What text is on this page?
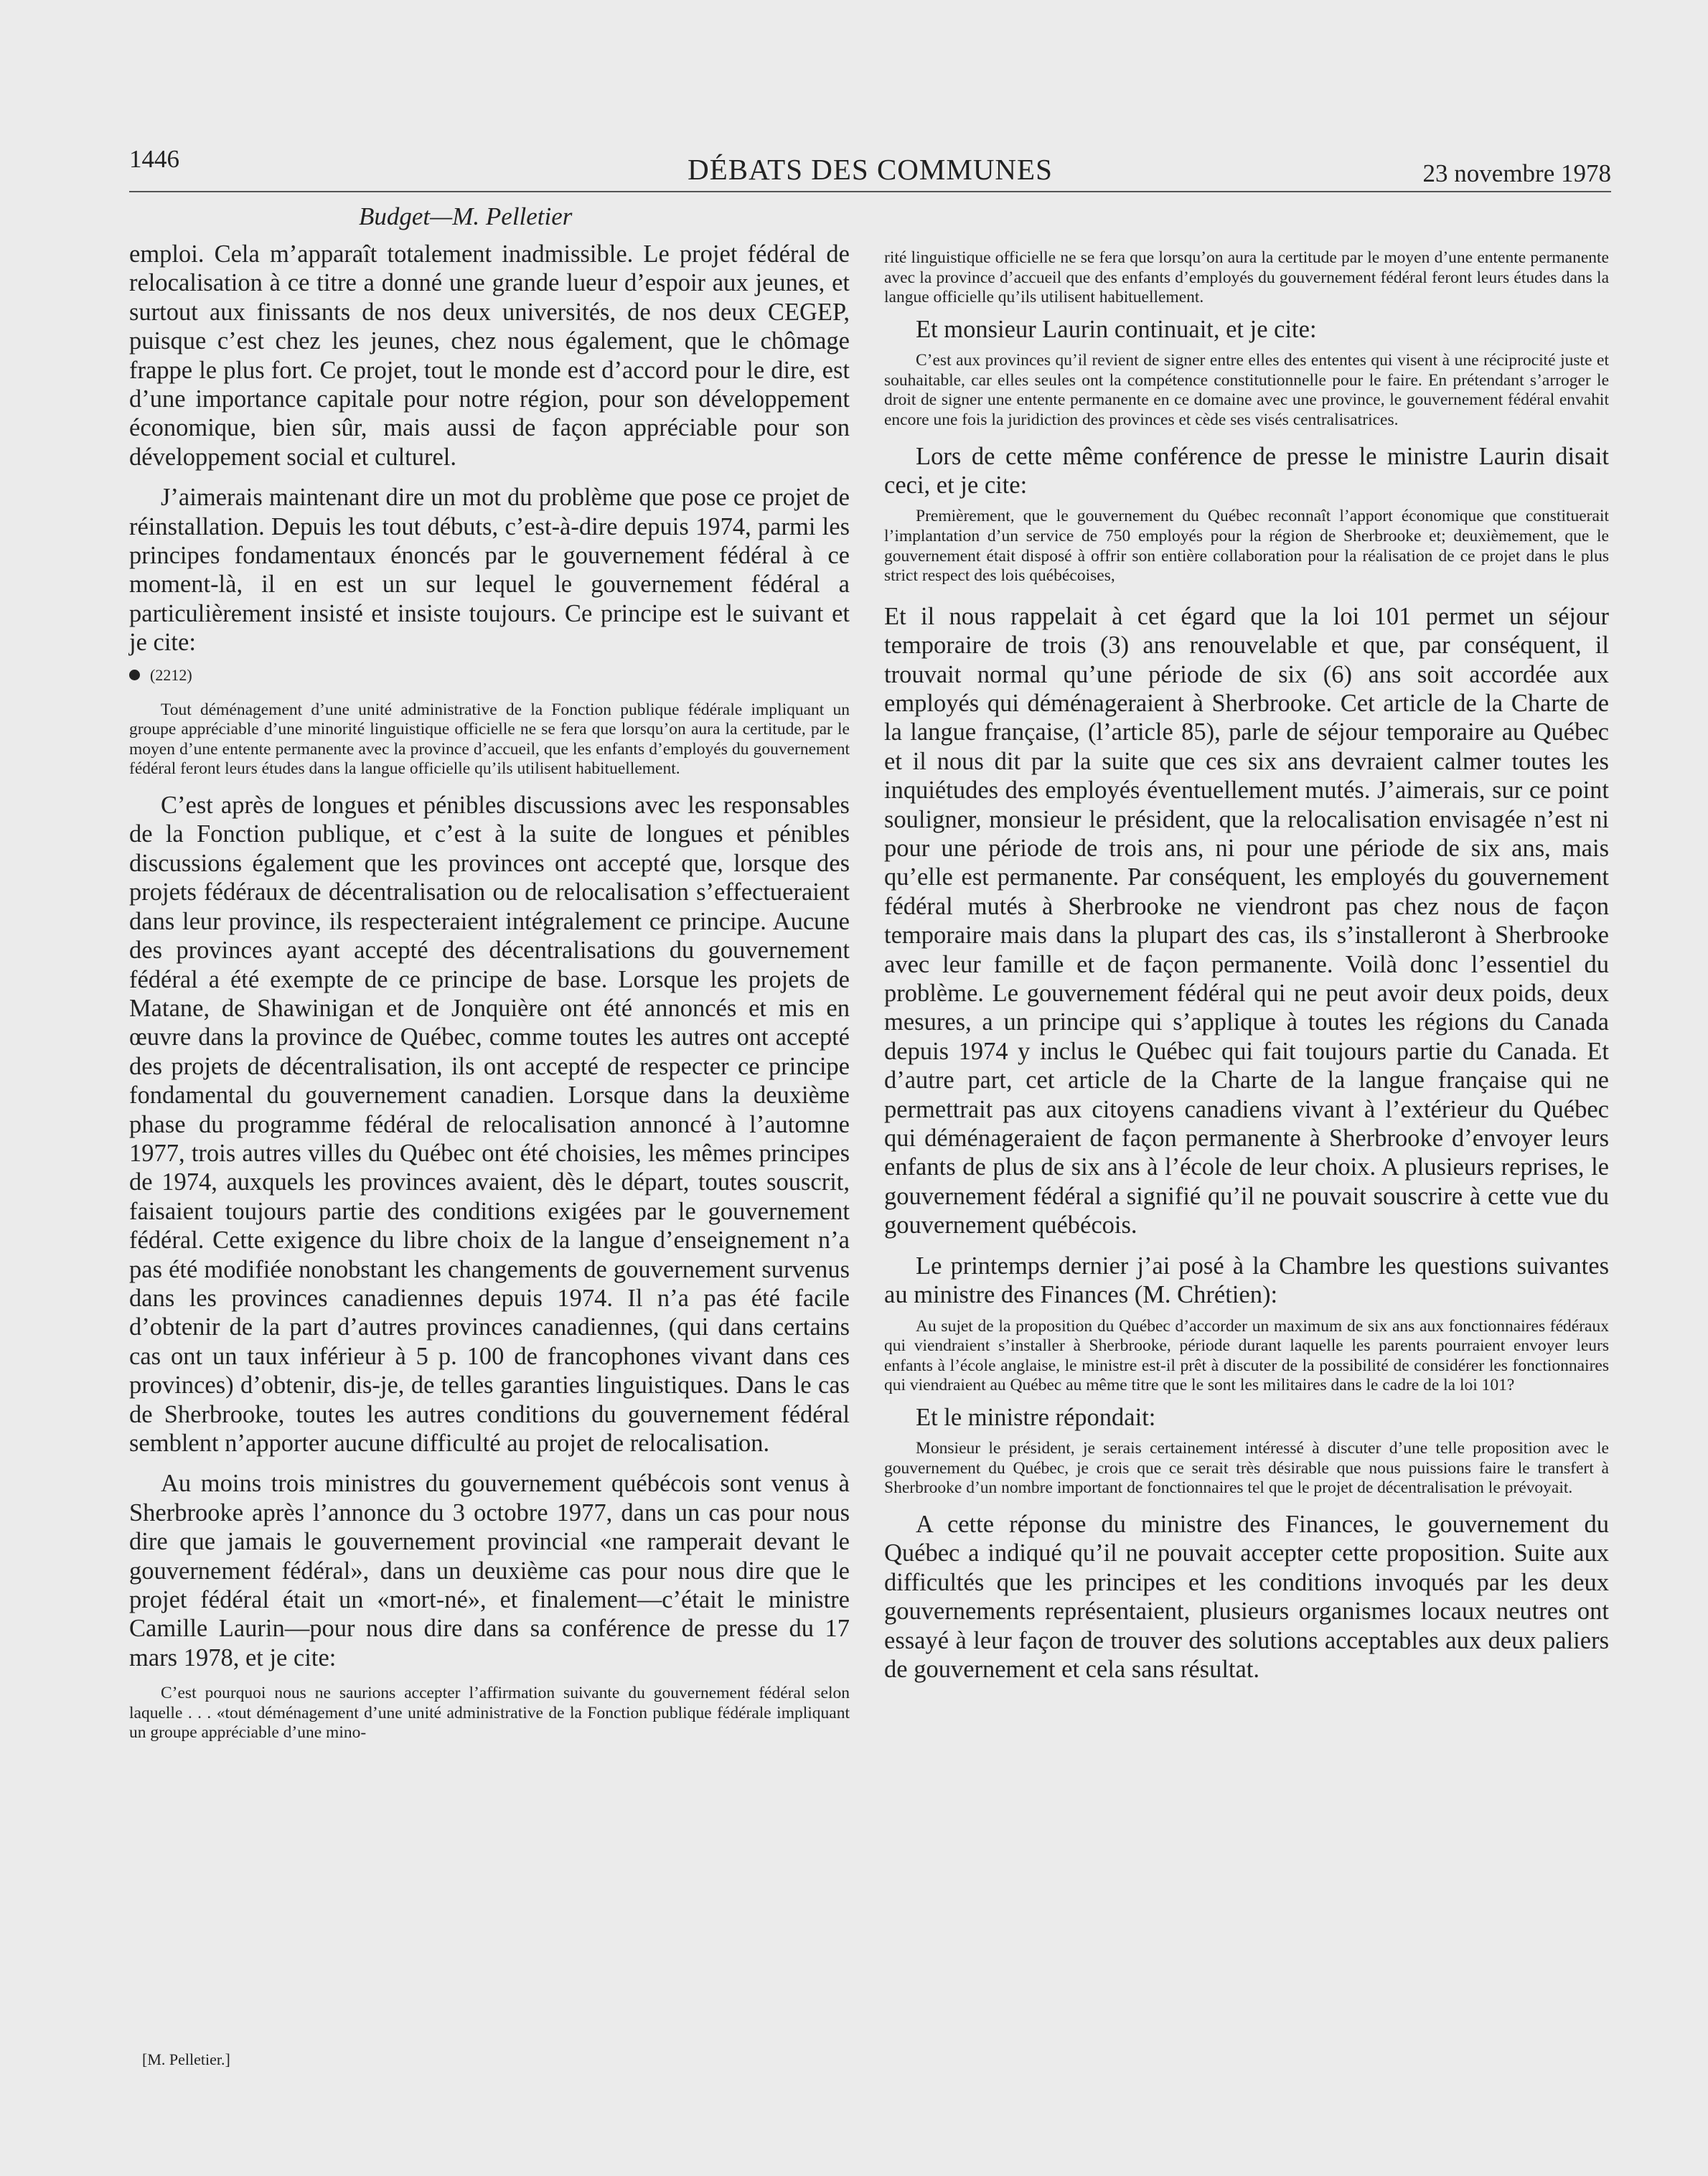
1446	DÉBATS DES COMMUNES	23 novembre 1978
Budget—M. Pelletier

emploi. Cela m’apparaît totalement inadmissible. Le projet fédéral de relocalisation à ce titre a donné une grande lueur d’espoir aux jeunes, et surtout aux finissants de nos deux universités, de nos deux CEGEP, puisque c’est chez les jeunes, chez nous également, que le chômage frappe le plus fort. Ce projet, tout le monde est d’accord pour le dire, est d’une importance capitale pour notre région, pour son développement économique, bien sûr, mais aussi de façon appréciable pour son développement social et culturel.

J’aimerais maintenant dire un mot du problème que pose ce projet de réinstallation. Depuis les tout débuts, c’est-à-dire depuis 1974, parmi les principes fondamentaux énoncés par le gouvernement fédéral à ce moment-là, il en est un sur lequel le gouvernement fédéral a particulièrement insisté et insiste toujours. Ce principe est le suivant et je cite:

(2212)

Tout déménagement d’une unité administrative de la Fonction publique fédérale impliquant un groupe appréciable d’une minorité linguistique officielle ne se fera que lorsqu’on aura la certitude, par le moyen d’une entente permanente avec la province d’accueil, que les enfants d’employés du gouvernement fédéral feront leurs études dans la langue officielle qu’ils utilisent habituellement.

C’est après de longues et pénibles discussions avec les responsables de la Fonction publique, et c’est à la suite de longues et pénibles discussions également que les provinces ont accepté que, lorsque des projets fédéraux de décentralisation ou de relocalisation s’effectueraient dans leur province, ils respecteraient intégralement ce principe. Aucune des provinces ayant accepté des décentralisations du gouvernement fédéral a été exempte de ce principe de base. Lorsque les projets de Matane, de Shawinigan et de Jonquière ont été annoncés et mis en œuvre dans la province de Québec, comme toutes les autres ont accepté des projets de décentralisation, ils ont accepté de respecter ce principe fondamental du gouvernement canadien. Lorsque dans la deuxième phase du programme fédéral de relocalisation annoncé à l’automne 1977, trois autres villes du Québec ont été choisies, les mêmes principes de 1974, auxquels les provinces avaient, dès le départ, toutes souscrit, faisaient toujours partie des conditions exigées par le gouvernement fédéral. Cette exigence du libre choix de la langue d’enseignement n’a pas été modifiée nonobstant les changements de gouvernement survenus dans les provinces canadiennes depuis 1974. Il n’a pas été facile d’obtenir de la part d’autres provinces canadiennes, (qui dans certains cas ont un taux inférieur à 5 p. 100 de francophones vivant dans ces provinces) d’obtenir, dis-je, de telles garanties linguistiques. Dans le cas de Sherbrooke, toutes les autres conditions du gouvernement fédéral semblent n’apporter aucune difficulté au projet de relocalisation.

Au moins trois ministres du gouvernement québécois sont venus à Sherbrooke après l’annonce du 3 octobre 1977, dans un cas pour nous dire que jamais le gouvernement provincial «ne ramperait devant le gouvernement fédéral», dans un deuxième cas pour nous dire que le projet fédéral était un «mort-né», et finalement—c’était le ministre Camille Laurin—pour nous dire dans sa conférence de presse du 17 mars 1978, et je cite:

C’est pourquoi nous ne saurions accepter l’affirmation suivante du gouvernement fédéral selon laquelle . . . «tout déménagement d’une unité administrative de la Fonction publique fédérale impliquant un groupe appréciable d’une mino-

rité linguistique officielle ne se fera que lorsqu’on aura la certitude par le moyen d’une entente permanente avec la province d’accueil que des enfants d’employés du gouvernement fédéral feront leurs études dans la langue officielle qu’ils utilisent habituellement.

Et monsieur Laurin continuait, et je cite:

C’est aux provinces qu’il revient de signer entre elles des ententes qui visent à une réciprocité juste et souhaitable, car elles seules ont la compétence constitutionnelle pour le faire. En prétendant s’arroger le droit de signer une entente permanente en ce domaine avec une province, le gouvernement fédéral envahit encore une fois la juridiction des provinces et cède ses visés centralisatrices.

Lors de cette même conférence de presse le ministre Laurin disait ceci, et je cite:

Premièrement, que le gouvernement du Québec reconnaît l’apport économique que constituerait l’implantation d’un service de 750 employés pour la région de Sherbrooke et; deuxièmement, que le gouvernement était disposé à offrir son entière collaboration pour la réalisation de ce projet dans le plus strict respect des lois québécoises,

Et il nous rappelait à cet égard que la loi 101 permet un séjour temporaire de trois (3) ans renouvelable et que, par conséquent, il trouvait normal qu’une période de six (6) ans soit accordée aux employés qui déménageraient à Sherbrooke. Cet article de la Charte de la langue française, (l’article 85), parle de séjour temporaire au Québec et il nous dit par la suite que ces six ans devraient calmer toutes les inquiétudes des employés éventuellement mutés. J’aimerais, sur ce point souligner, monsieur le président, que la relocalisation envisagée n’est ni pour une période de trois ans, ni pour une période de six ans, mais qu’elle est permanente. Par conséquent, les employés du gouvernement fédéral mutés à Sherbrooke ne viendront pas chez nous de façon temporaire mais dans la plupart des cas, ils s’installeront à Sherbrooke avec leur famille et de façon permanente. Voilà donc l’essentiel du problème. Le gouvernement fédéral qui ne peut avoir deux poids, deux mesures, a un principe qui s’applique à toutes les régions du Canada depuis 1974 y inclus le Québec qui fait toujours partie du Canada. Et d’autre part, cet article de la Charte de la langue française qui ne permettrait pas aux citoyens canadiens vivant à l’extérieur du Québec qui déménageraient de façon permanente à Sherbrooke d’envoyer leurs enfants de plus de six ans à l’école de leur choix. A plusieurs reprises, le gouvernement fédéral a signifié qu’il ne pouvait souscrire à cette vue du gouvernement québécois.

Le printemps dernier j’ai posé à la Chambre les questions suivantes au ministre des Finances (M. Chrétien):

Au sujet de la proposition du Québec d’accorder un maximum de six ans aux fonctionnaires fédéraux qui viendraient s’installer à Sherbrooke, période durant laquelle les parents pourraient envoyer leurs enfants à l’école anglaise, le ministre est-il prêt à discuter de la possibilité de considérer les fonctionnaires qui viendraient au Québec au même titre que le sont les militaires dans le cadre de la loi 101?

Et le ministre répondait:

Monsieur le président, je serais certainement intéressé à discuter d’une telle proposition avec le gouvernement du Québec, je crois que ce serait très désirable que nous puissions faire le transfert à Sherbrooke d’un nombre important de fonctionnaires tel que le projet de décentralisation le prévoyait.

A cette réponse du ministre des Finances, le gouvernement du Québec a indiqué qu’il ne pouvait accepter cette proposition. Suite aux difficultés que les principes et les conditions invoqués par les deux gouvernements représentaient, plusieurs organismes locaux neutres ont essayé à leur façon de trouver des solutions acceptables aux deux paliers de gouvernement et cela sans résultat.

[M. Pelletier.]
